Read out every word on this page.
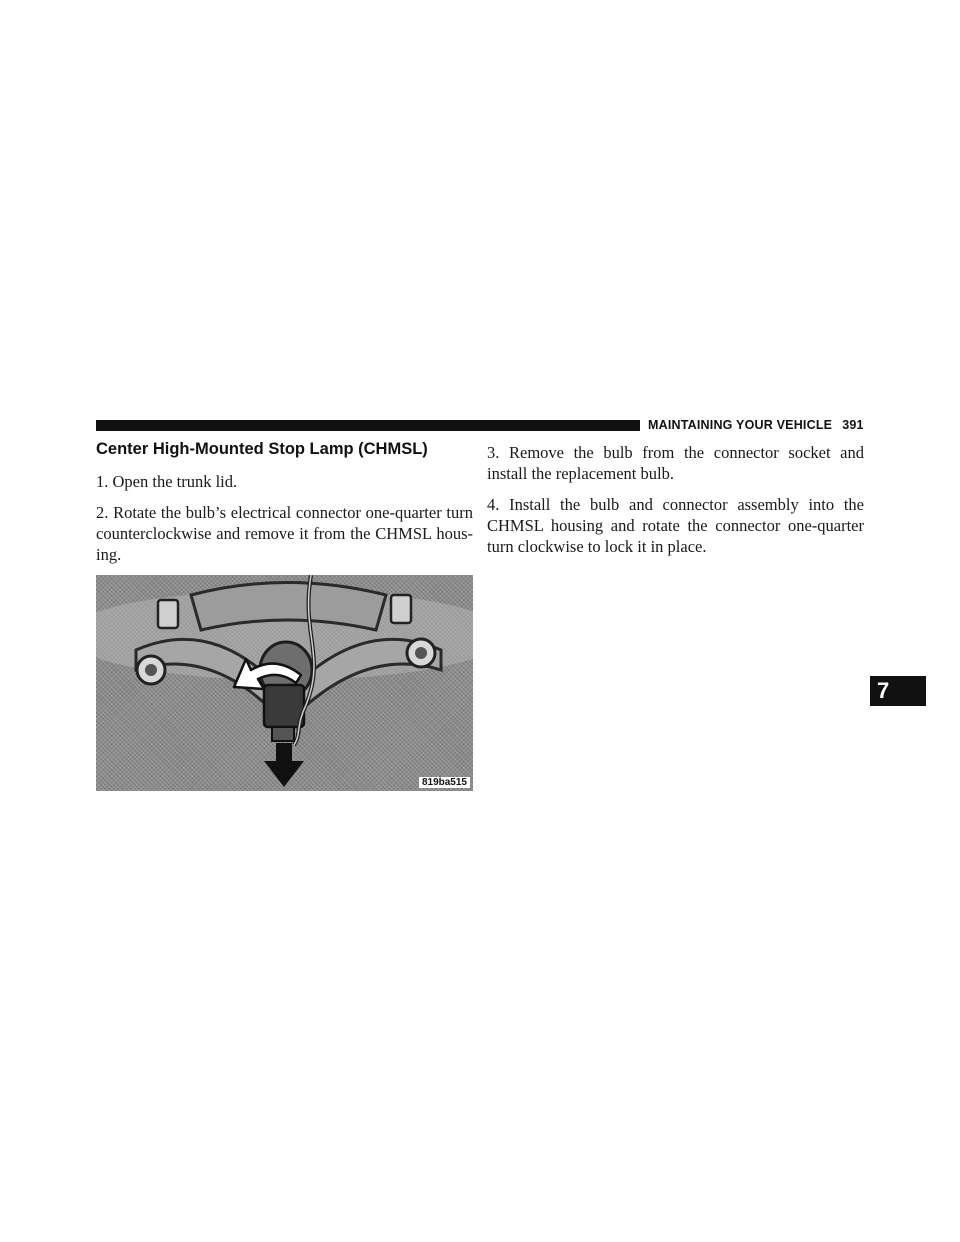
MAINTAINING YOUR VEHICLE 391
Center High-Mounted Stop Lamp (CHMSL)

1. Open the trunk lid.

2. Rotate the bulb’s electrical connector one-quarter turn counterclockwise and remove it from the CHMSL hous-ing.

819ba515

3. Remove the bulb from the connector socket and install the replacement bulb.

4. Install the bulb and connector assembly into the CHMSL housing and rotate the connector one-quarter turn clockwise to lock it in place.

7
